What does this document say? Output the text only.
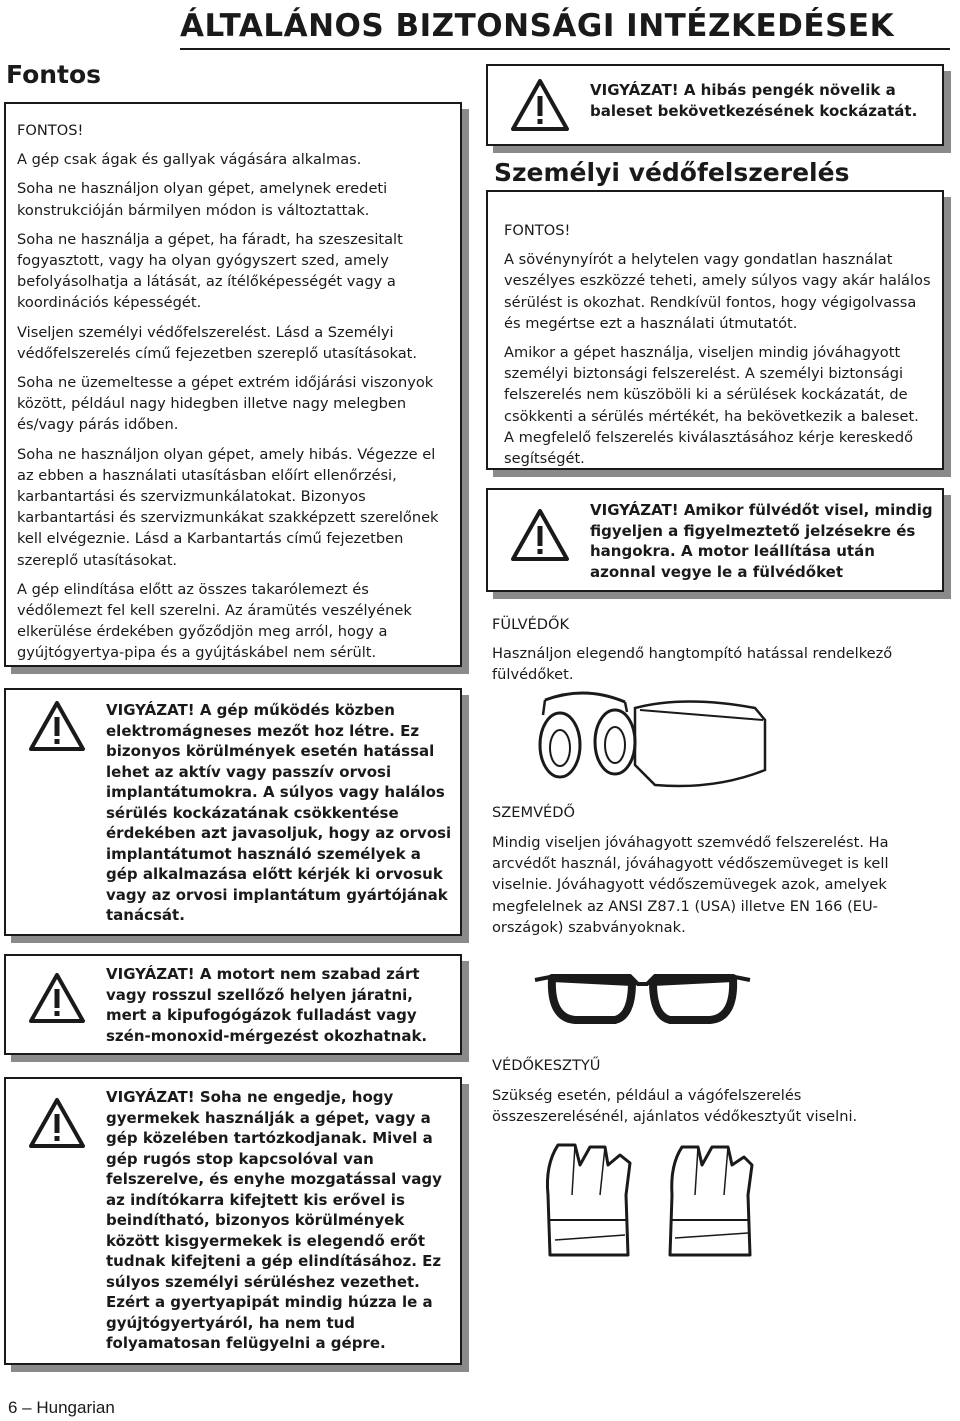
ÁLTALÁNOS BIZTONSÁGI INTÉZKEDÉSEK
Fontos

FONTOS!

A gép csak ágak és gallyak vágására alkalmas.

Soha ne használjon olyan gépet, amelynek eredeti konstrukcióján bármilyen módon is változtattak.

Soha ne használja a gépet, ha fáradt, ha szeszesitalt fogyasztott, vagy ha olyan gyógyszert szed, amely befolyásolhatja a látását, az ítélőképességét vagy a koordinációs képességét.

Viseljen személyi védőfelszerelést. Lásd a Személyi védőfelszerelés című fejezetben szereplő utasításokat.

Soha ne üzemeltesse a gépet extrém időjárási viszonyok között, például nagy hidegben illetve nagy melegben és/vagy párás időben.

Soha ne használjon olyan gépet, amely hibás. Végezze el az ebben a használati utasításban előírt ellenőrzési, karbantartási és szervizmunkálatokat. Bizonyos karbantartási és szervizmunkákat szakképzett szerelőnek kell elvégeznie. Lásd a Karbantartás című fejezetben szereplő utasításokat.

A gép elindítása előtt az összes takarólemezt és védőlemezt fel kell szerelni. Az áramütés veszélyének elkerülése érdekében győződjön meg arról, hogy a gyújtógyertya-pipa és a gyújtáskábel nem sérült.

VIGYÁZAT! A gép működés közben elektromágneses mezőt hoz létre. Ez bizonyos körülmények esetén hatással lehet az aktív vagy passzív orvosi implantátumokra. A súlyos vagy halálos sérülés kockázatának csökkentése érdekében azt javasoljuk, hogy az orvosi implantátumot használó személyek a gép alkalmazása előtt kérjék ki orvosuk vagy az orvosi implantátum gyártójának tanácsát.
VIGYÁZAT! A motort nem szabad zárt vagy rosszul szellőző helyen járatni, mert a kipufogógázok fulladást vagy szén-monoxid-mérgezést okozhatnak.
VIGYÁZAT! Soha ne engedje, hogy gyermekek használják a gépet, vagy a gép közelében tartózkodjanak. Mivel a gép rugós stop kapcsolóval van felszerelve, és enyhe mozgatással vagy az indítókarra kifejtett kis erővel is beindítható, bizonyos körülmények között kisgyermekek is elegendő erőt tudnak kifejteni a gép elindításához. Ez súlyos személyi sérüléshez vezethet. Ezért a gyertyapipát mindig húzza le a gyújtógyertyáról, ha nem tud folyamatosan felügyelni a gépre.
VIGYÁZAT! A hibás pengék növelik a baleset bekövetkezésének kockázatát.
Személyi védőfelszerelés

FONTOS!

A sövénynyírót a helytelen vagy gondatlan használat veszélyes eszközzé teheti, amely súlyos vagy akár halálos sérülést is okozhat. Rendkívül fontos, hogy végigolvassa és megértse ezt a használati útmutatót.

Amikor a gépet használja, viseljen mindig jóváhagyott személyi biztonsági felszerelést. A személyi biztonsági felszerelés nem küszöböli ki a sérülések kockázatát, de csökkenti a sérülés mértékét, ha bekövetkezik a baleset. A megfelelő felszerelés kiválasztásához kérje kereskedő segítségét.

VIGYÁZAT! Amikor fülvédőt visel, mindig figyeljen a figyelmeztető jelzésekre és hangokra. A motor leállítása után azonnal vegye le a fülvédőket
FÜLVÉDŐK
Használjon elegendő hangtompító hatással rendelkező fülvédőket.
SZEMVÉDŐ
Mindig viseljen jóváhagyott szemvédő felszerelést. Ha arcvédőt használ, jóváhagyott védőszemüveget is kell viselnie. Jóváhagyott védőszemüvegek azok, amelyek megfelelnek az ANSI Z87.1 (USA) illetve EN 166 (EU-országok) szabványoknak.
VÉDŐKESZTYŰ
Szükség esetén, például a vágófelszerelés összeszerelésénél, ajánlatos védőkesztyűt viselni.
6 – Hungarian
